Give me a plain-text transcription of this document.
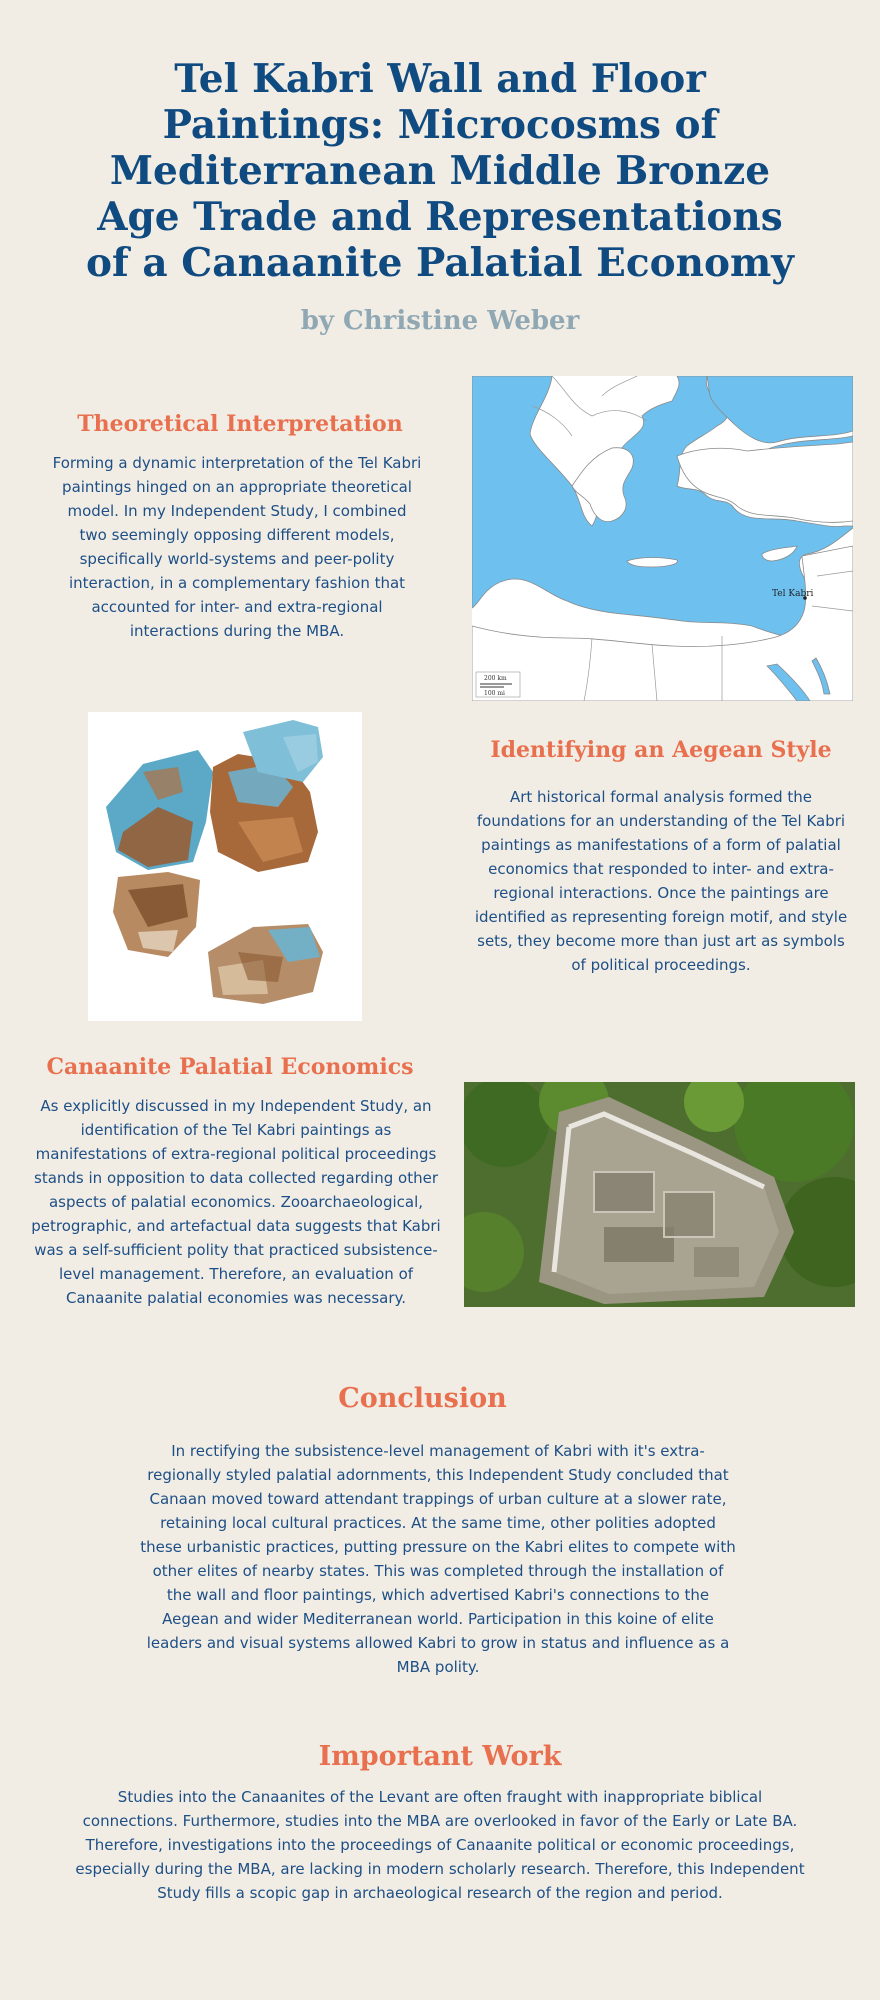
Tel Kabri Wall and Floor Paintings: Microcosms of Mediterranean Middle Bronze Age Trade and Representations of a Canaanite Palatial Economy
by Christine Weber
Theoretical Interpretation

Forming a dynamic interpretation of the Tel Kabri paintings hinged on an appropriate theoretical model. In my Independent Study, I combined two seemingly opposing different models, specifically world-systems and peer-polity interaction, in a complementary fashion that accounted for inter- and extra-regional interactions during the MBA.

Tel Kabri
200 km
100 mi
Identifying an Aegean Style

Art historical formal analysis formed the foundations for an understanding of the Tel Kabri paintings as manifestations of a form of palatial economics that responded to inter- and extra-regional interactions. Once the paintings are identified as representing foreign motif, and style sets, they become more than just art as symbols of political proceedings.

Canaanite Palatial Economics

As explicitly discussed in my Independent Study, an identification of the Tel Kabri paintings as manifestations of extra-regional political proceedings stands in opposition to data collected regarding other aspects of palatial economics. Zooarchaeological, petrographic, and artefactual data suggests that Kabri was a self-sufficient polity that practiced subsistence-level management. Therefore, an evaluation of Canaanite palatial economies was necessary.

Conclusion

In rectifying the subsistence-level management of Kabri with it's extra-regionally styled palatial adornments, this Independent Study concluded that Canaan moved toward attendant trappings of urban culture at a slower rate, retaining local cultural practices. At the same time, other polities adopted these urbanistic practices, putting pressure on the Kabri elites to compete with other elites of nearby states. This was completed through the installation of the wall and floor paintings, which advertised Kabri's connections to the Aegean and wider Mediterranean world. Participation in this koine of elite leaders and visual systems allowed Kabri to grow in status and influence as a MBA polity.

Important Work

Studies into the Canaanites of the Levant are often fraught with inappropriate biblical connections. Furthermore, studies into the MBA are overlooked in favor of the Early or Late BA. Therefore, investigations into the proceedings of Canaanite political or economic proceedings, especially during the MBA, are lacking in modern scholarly research. Therefore, this Independent Study fills a scopic gap in archaeological research of the region and period.
